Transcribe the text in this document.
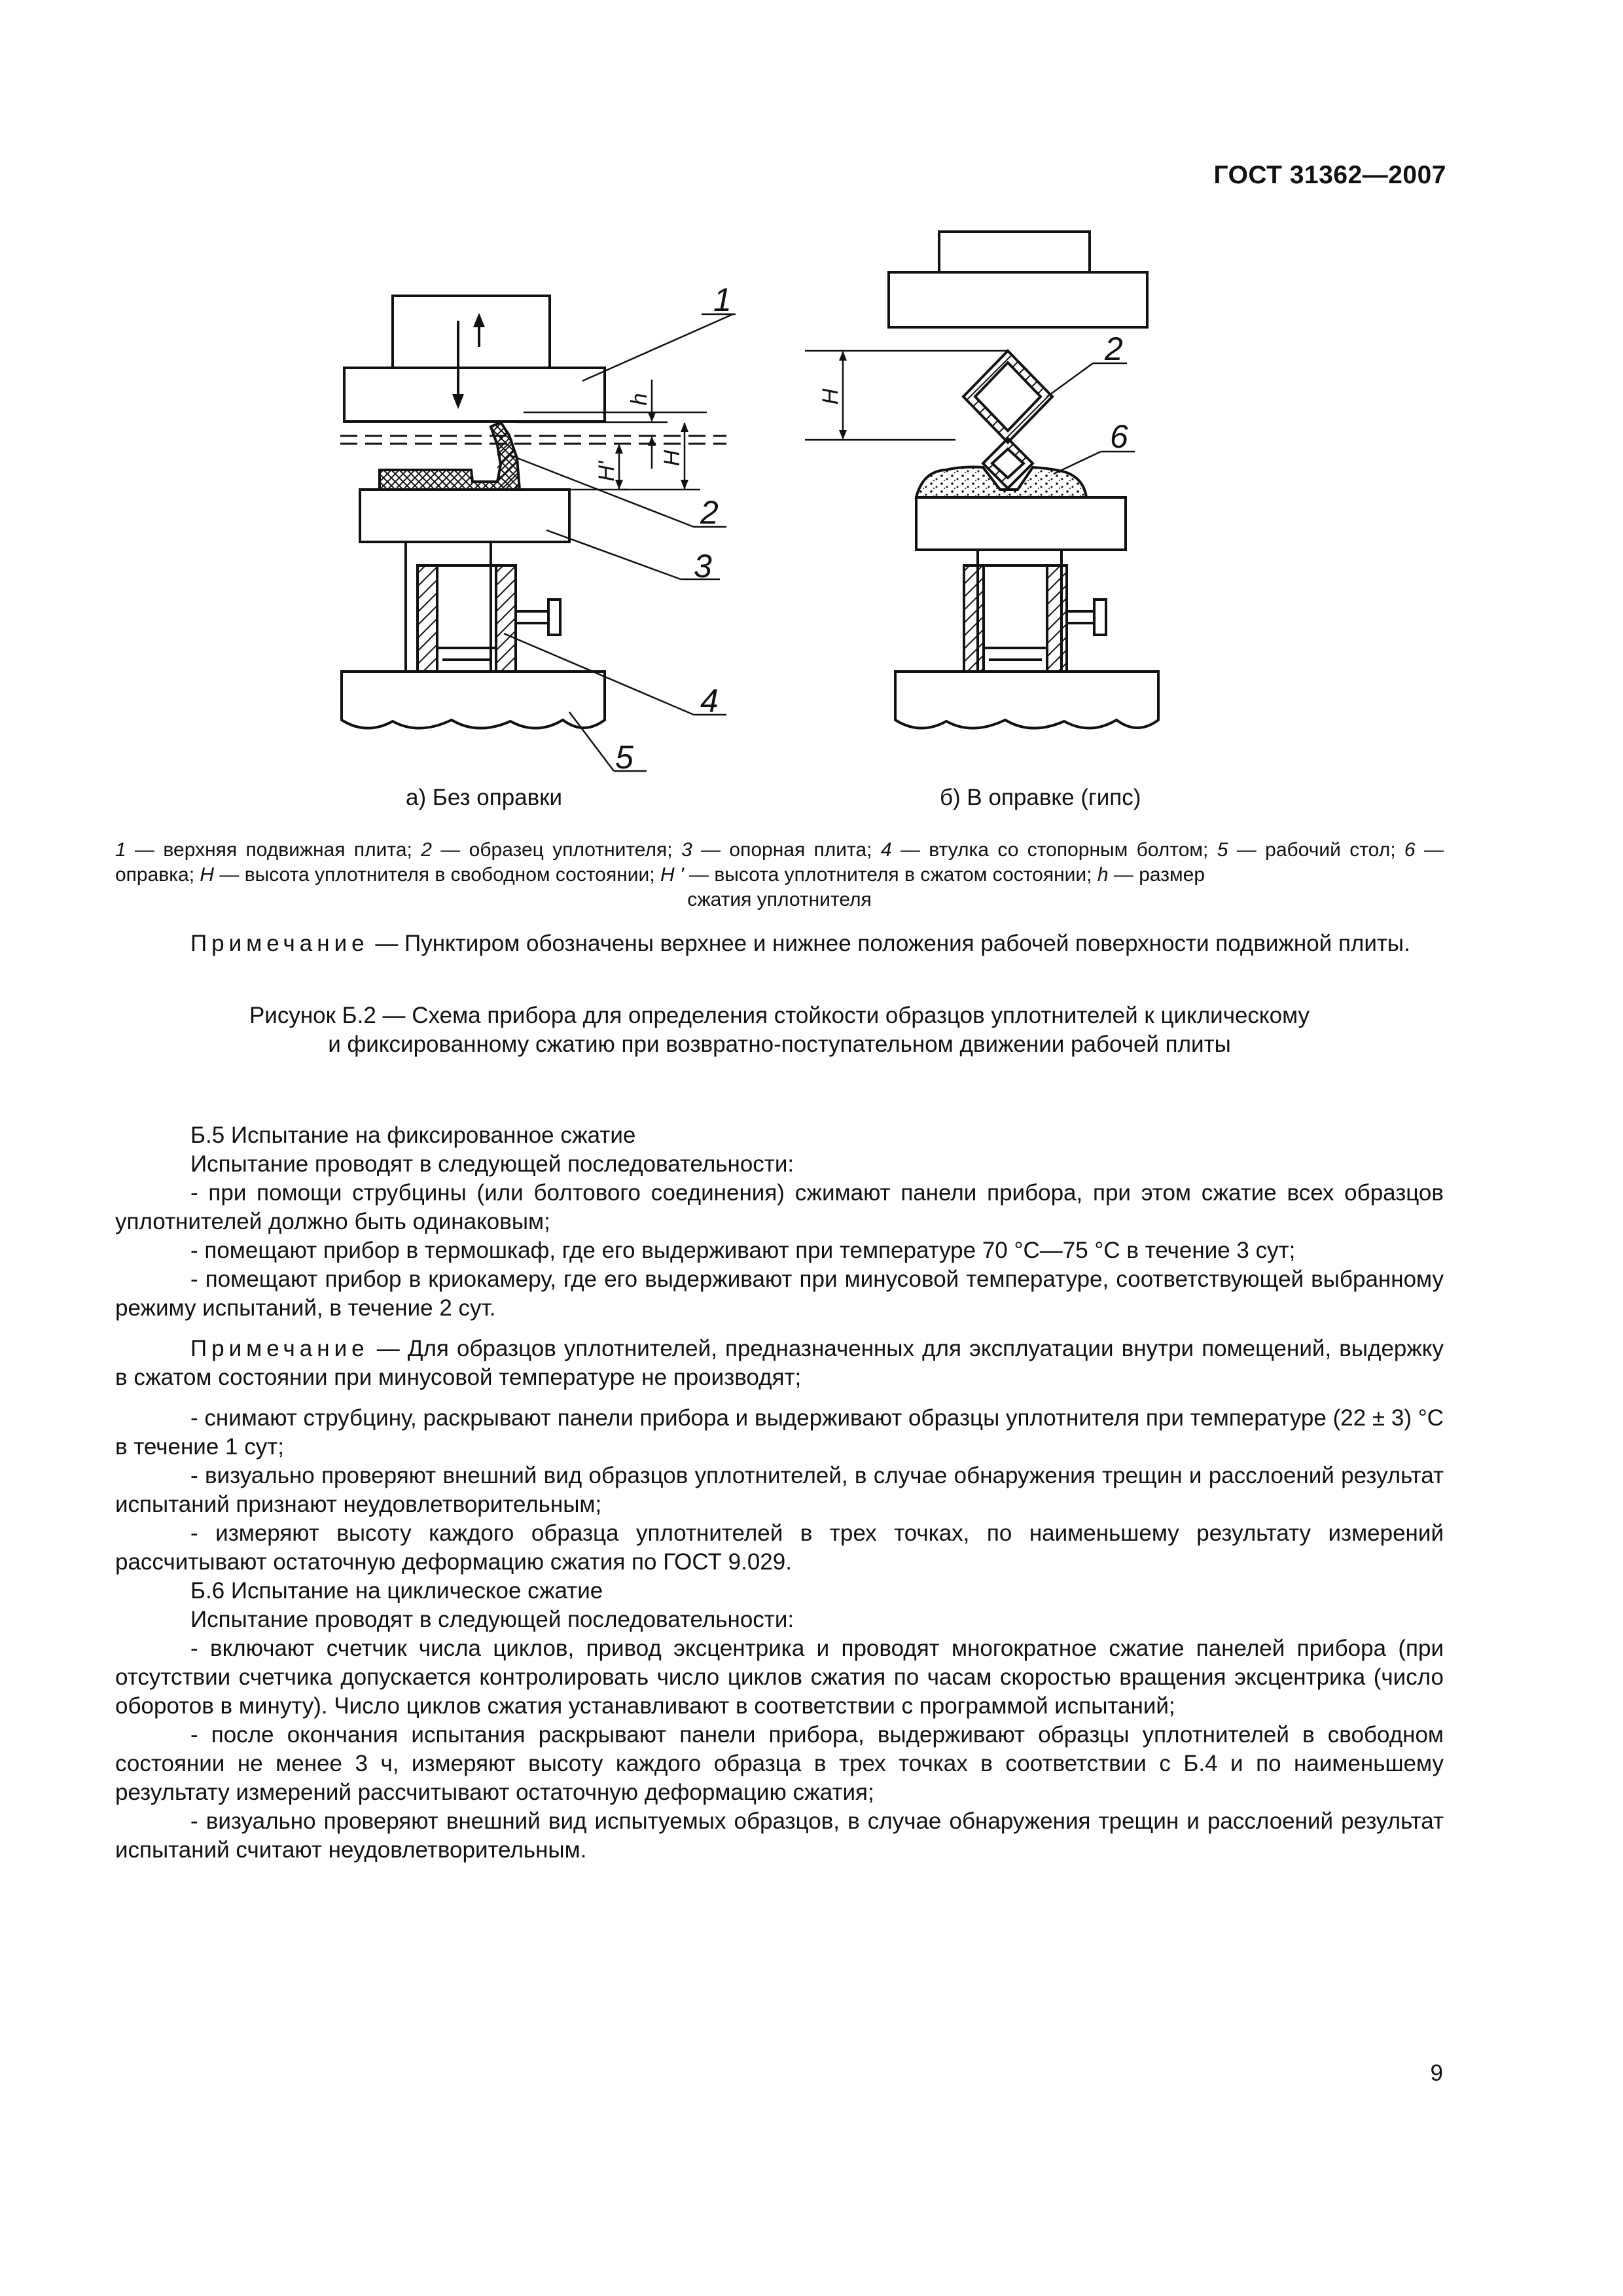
ГОСТ 31362—2007
1
2
3
4
5
2
6
h
H'
H
H
а) Без оправки	б) В оправке (гипс)

1 — верхняя подвижная плита; 2 — образец уплотнителя; 3 — опорная плита; 4 — втулка со стопорным болтом; 5 — рабочий стол; 6 — оправка; H — высота уплотнителя в свободном состоянии; H ' — высота уплотнителя в сжатом состоянии; h — размер

сжатия уплотнителя

Примечание — Пунктиром обозначены верхнее и нижнее положения рабочей поверхности подвижной плиты.

Рисунок Б.2 — Схема прибора для определения стойкости образцов уплотнителей к циклическому

и фиксированному сжатию при возвратно-поступательном движении рабочей плиты

Б.5 Испытание на фиксированное сжатие

Испытание проводят в следующей последовательности:

- при помощи струбцины (или болтового соединения) сжимают панели прибора, при этом сжатие всех образцов уплотнителей должно быть одинаковым;

- помещают прибор в термошкаф, где его выдерживают при температуре 70 °С—75 °С в течение 3 сут;

- помещают прибор в криокамеру, где его выдерживают при минусовой температуре, соответствующей выбранному режиму испытаний, в течение 2 сут.

Примечание — Для образцов уплотнителей, предназначенных для эксплуатации внутри помещений, выдержку в сжатом состоянии при минусовой температуре не производят;

- снимают струбцину, раскрывают панели прибора и выдерживают образцы уплотнителя при температуре (22 ± 3) °С в течение 1 сут;

- визуально проверяют внешний вид образцов уплотнителей, в случае обнаружения трещин и расслоений результат испытаний признают неудовлетворительным;

- измеряют высоту каждого образца уплотнителей в трех точках, по наименьшему результату измерений рассчитывают остаточную деформацию сжатия по ГОСТ 9.029.

Б.6 Испытание на циклическое сжатие

Испытание проводят в следующей последовательности:

- включают счетчик числа циклов, привод эксцентрика и проводят многократное сжатие панелей прибора (при отсутствии счетчика допускается контролировать число циклов сжатия по часам скоростью вращения эксцентрика (число оборотов в минуту). Число циклов сжатия устанавливают в соответствии с программой испытаний;

- после окончания испытания раскрывают панели прибора, выдерживают образцы уплотнителей в свободном состоянии не менее 3 ч, измеряют высоту каждого образца в трех точках в соответствии с Б.4 и по наименьшему результату измерений рассчитывают остаточную деформацию сжатия;

- визуально проверяют внешний вид испытуемых образцов, в случае обнаружения трещин и расслоений результат испытаний считают неудовлетворительным.

9
